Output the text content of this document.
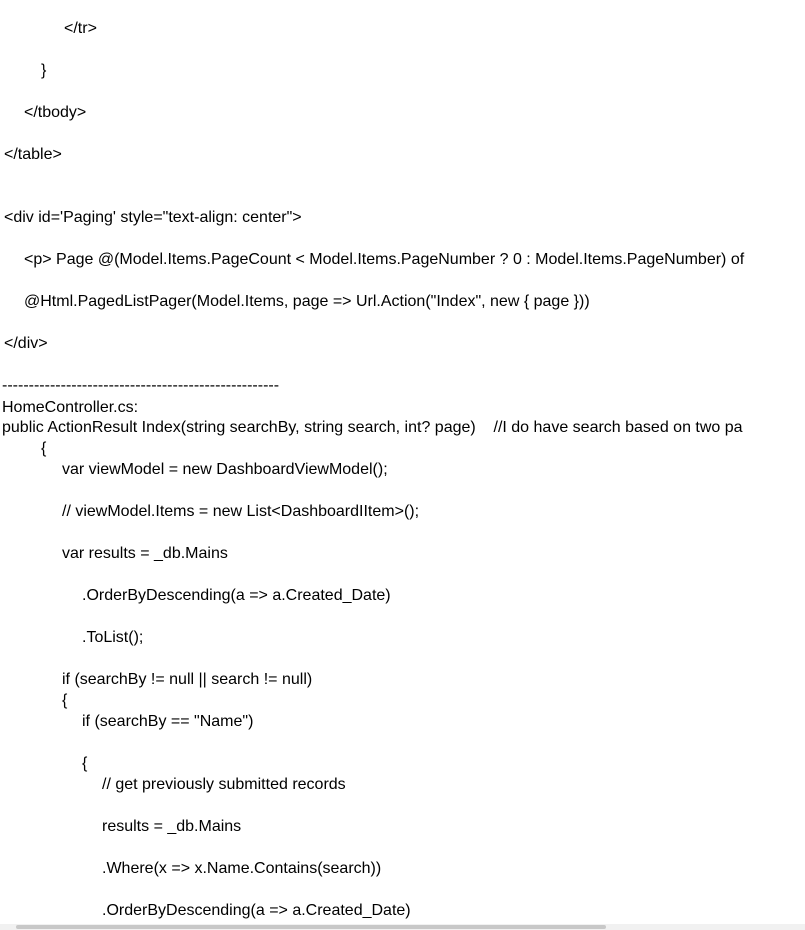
</tr>
}
</tbody>
</table>
<div id='Paging' style="text-align: center">
<p> Page @(Model.Items.PageCount < Model.Items.PageNumber ? 0 : Model.Items.PageNumber) of
@Html.PagedListPager(Model.Items, page => Url.Action("Index", new { page }))
</div>
----------------------------------------------------
HomeController.cs:
public ActionResult Index(string searchBy, string search, int? page)    //I do have search based on two pa
{
var viewModel = new DashboardViewModel();
// viewModel.Items = new List<DashboardIItem>();
var results = _db.Mains
.OrderByDescending(a => a.Created_Date)
.ToList();
if (searchBy != null || search != null)
{
if (searchBy == "Name")
{
// get previously submitted records
results = _db.Mains
.Where(x => x.Name.Contains(search))
.OrderByDescending(a => a.Created_Date)
